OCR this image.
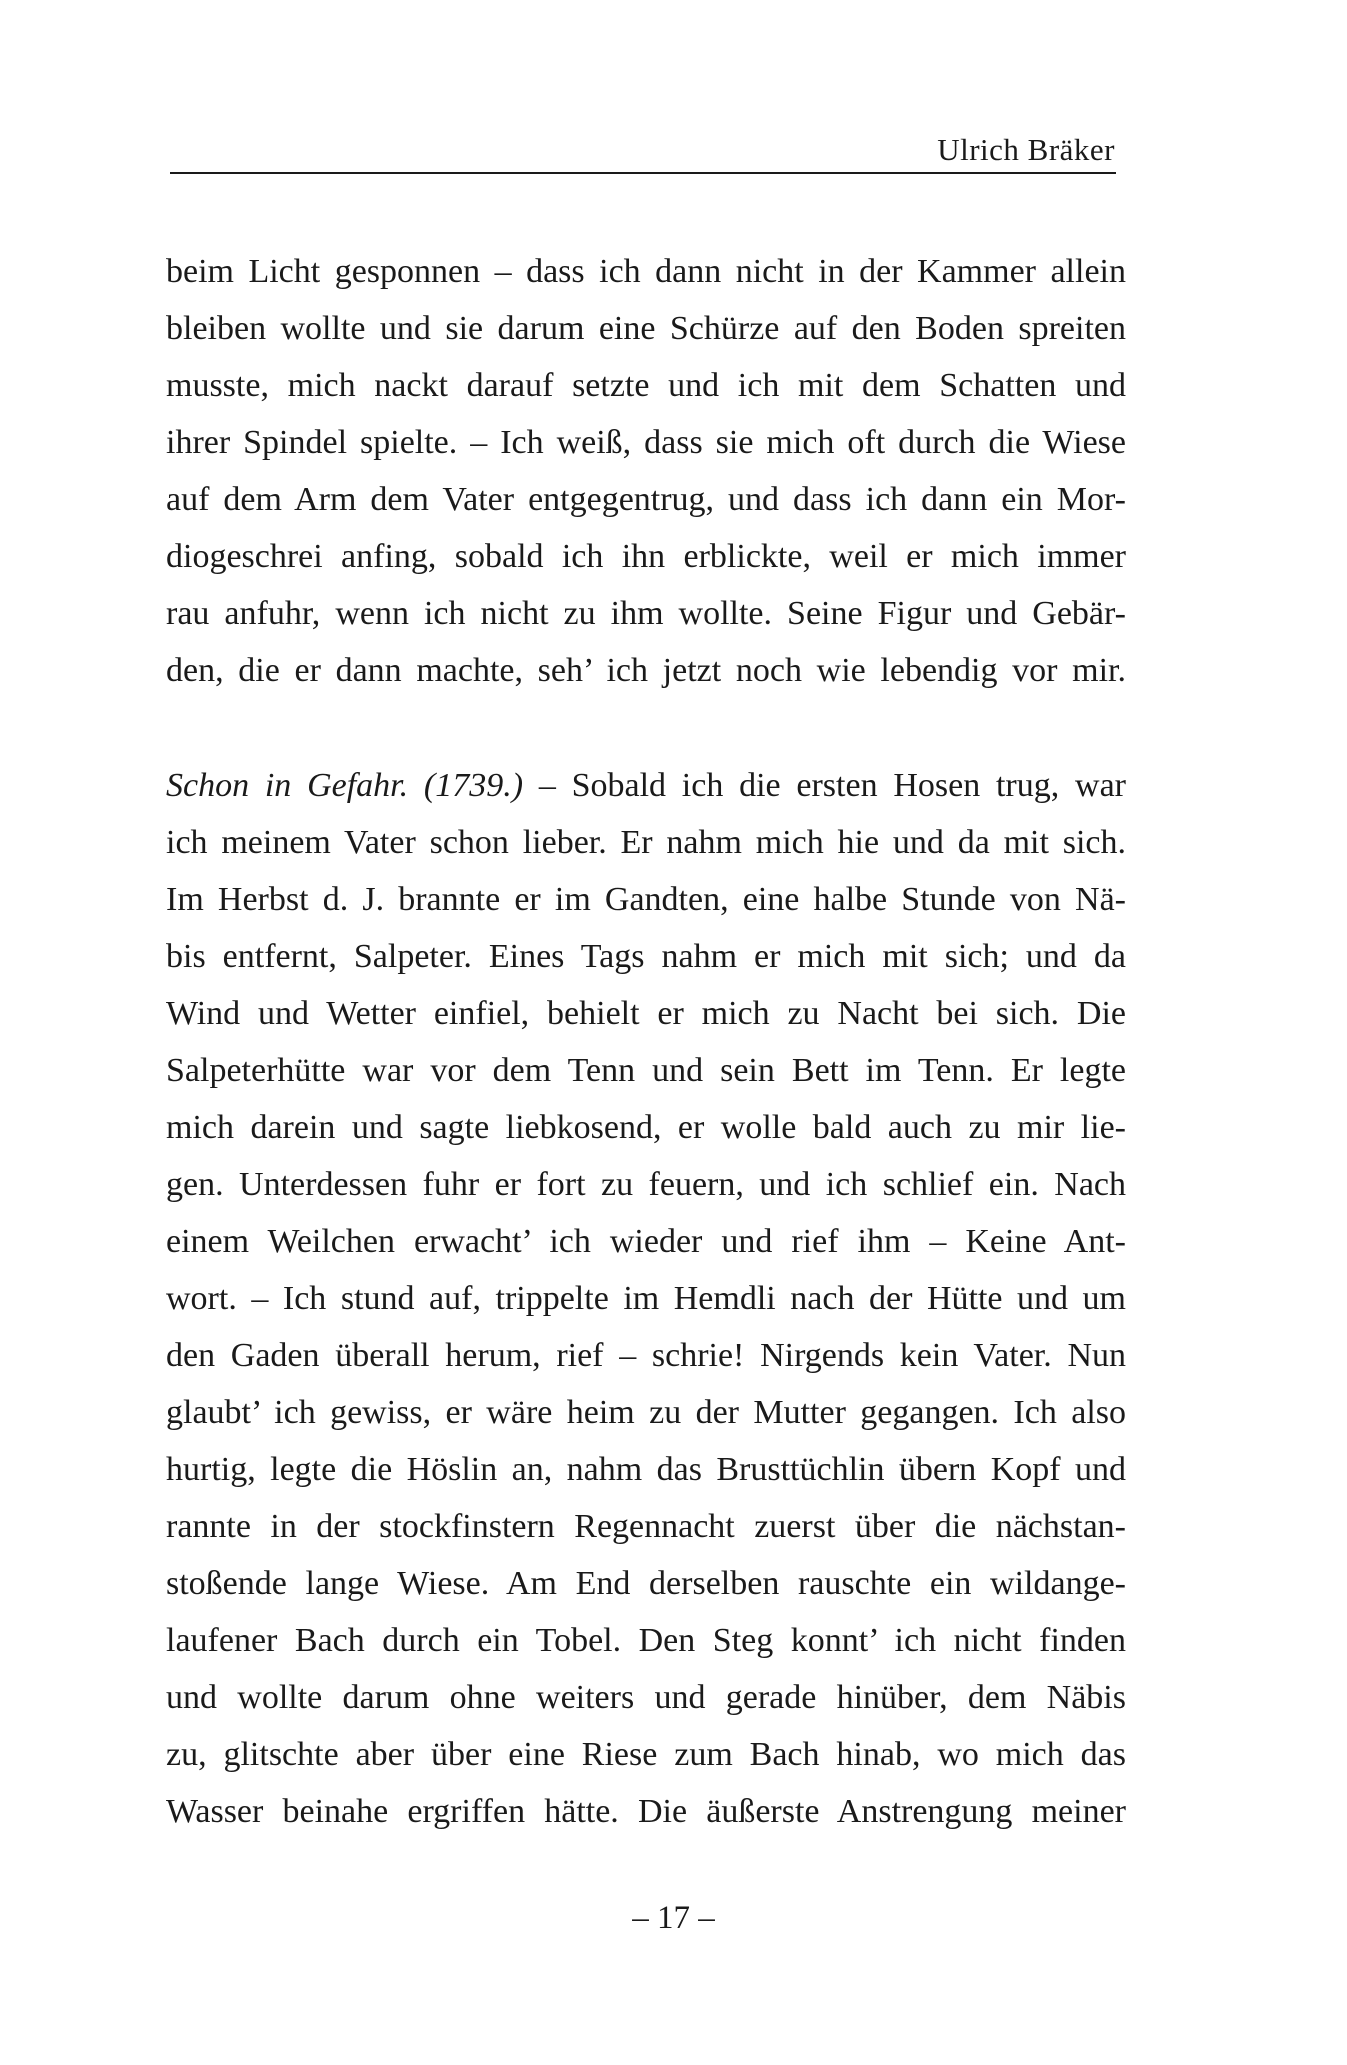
Ulrich Bräker
beim Licht gesponnen – dass ich dann nicht in der Kammer allein
bleiben wollte und sie darum eine Schürze auf den Boden spreiten
musste, mich nackt darauf setzte und ich mit dem Schatten und
ihrer Spindel spielte. – Ich weiß, dass sie mich oft durch die Wiese
auf dem Arm dem Vater entgegentrug, und dass ich dann ein Mor-
diogeschrei anfing, sobald ich ihn erblickte, weil er mich immer
rau anfuhr, wenn ich nicht zu ihm wollte. Seine Figur und Gebär-
den, die er dann machte, seh’ ich jetzt noch wie lebendig vor mir.
Schon in Gefahr. (1739.) – Sobald ich die ersten Hosen trug, war
ich meinem Vater schon lieber. Er nahm mich hie und da mit sich.
Im Herbst d. J. brannte er im Gandten, eine halbe Stunde von Nä-
bis entfernt, Salpeter. Eines Tags nahm er mich mit sich; und da
Wind und Wetter einfiel, behielt er mich zu Nacht bei sich. Die
Salpeterhütte war vor dem Tenn und sein Bett im Tenn. Er legte
mich darein und sagte liebkosend, er wolle bald auch zu mir lie-
gen. Unterdessen fuhr er fort zu feuern, und ich schlief ein. Nach
einem Weilchen erwacht’ ich wieder und rief ihm – Keine Ant-
wort. – Ich stund auf, trippelte im Hemdli nach der Hütte und um
den Gaden überall herum, rief – schrie! Nirgends kein Vater. Nun
glaubt’ ich gewiss, er wäre heim zu der Mutter gegangen. Ich also
hurtig, legte die Höslin an, nahm das Brusttüchlin übern Kopf und
rannte in der stockfinstern Regennacht zuerst über die nächstan-
stoßende lange Wiese. Am End derselben rauschte ein wildange-
laufener Bach durch ein Tobel. Den Steg konnt’ ich nicht finden
und wollte darum ohne weiters und gerade hinüber, dem Näbis
zu, glitschte aber über eine Riese zum Bach hinab, wo mich das
Wasser beinahe ergriffen hätte. Die äußerste Anstrengung meiner
– 17 –
